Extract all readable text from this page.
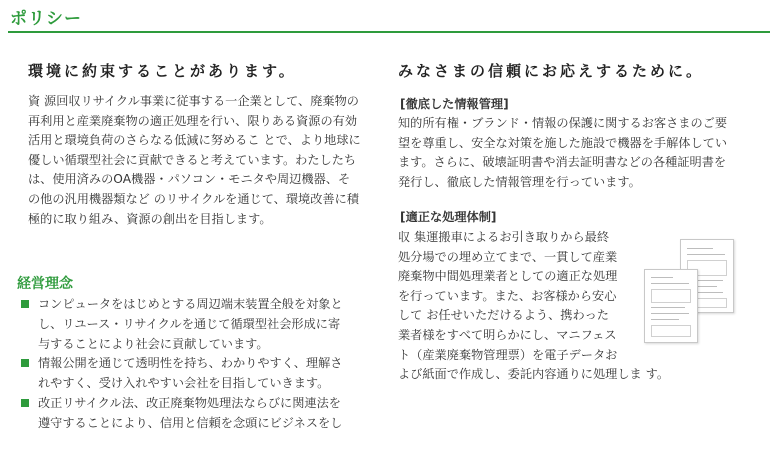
ポリシー
環境に約束することがあります。
資 源回収リサイクル事業に従事する一企業として、廃棄物の
再利用と産業廃棄物の適正処理を行い、限りある資源の有効
活用と環境負荷のさらなる低減に努めるこ とで、より地球に
優しい循環型社会に貢献できると考えています。わたしたち
は、使用済みのOA機器・パソコン・モニタや周辺機器、そ
の他の汎用機器類など のリサイクルを通じて、環境改善に積
極的に取り組み、資源の創出を目指します。
経営理念
コンピュータをはじめとする周辺端末装置全般を対象と
し、リユース・リサイクルを通じて循環型社会形成に寄
与することにより社会に貢献しています。
情報公開を通じて透明性を持ち、わかりやすく、理解さ
れやすく、受け入れやすい会社を目指していきます。
改正リサイクル法、改正廃棄物処理法ならびに関連法を
遵守することにより、信用と信頼を念頭にビジネスをし
みなさまの信頼にお応えするために。
[徹底した情報管理]
知的所有権・ブランド・情報の保護に関するお客さまのご要
望を尊重し、安全な対策を施した施設で機器を手解体してい
ます。さらに、破壊証明書や消去証明書などの各種証明書を
発行し、徹底した情報管理を行っています。
[適正な処理体制]
収 集運搬車によるお引き取りから最終
処分場での埋め立てまで、一貫して産業
廃棄物中間処理業者としての適正な処理
を行っています。また、お客様から安心
して お任せいただけるよう、携わった
業者様をすべて明らかにし、マニフェス
ト（産業廃棄物管理票）を電子データお
よび紙面で作成し、委託内容通りに処理しま す。
